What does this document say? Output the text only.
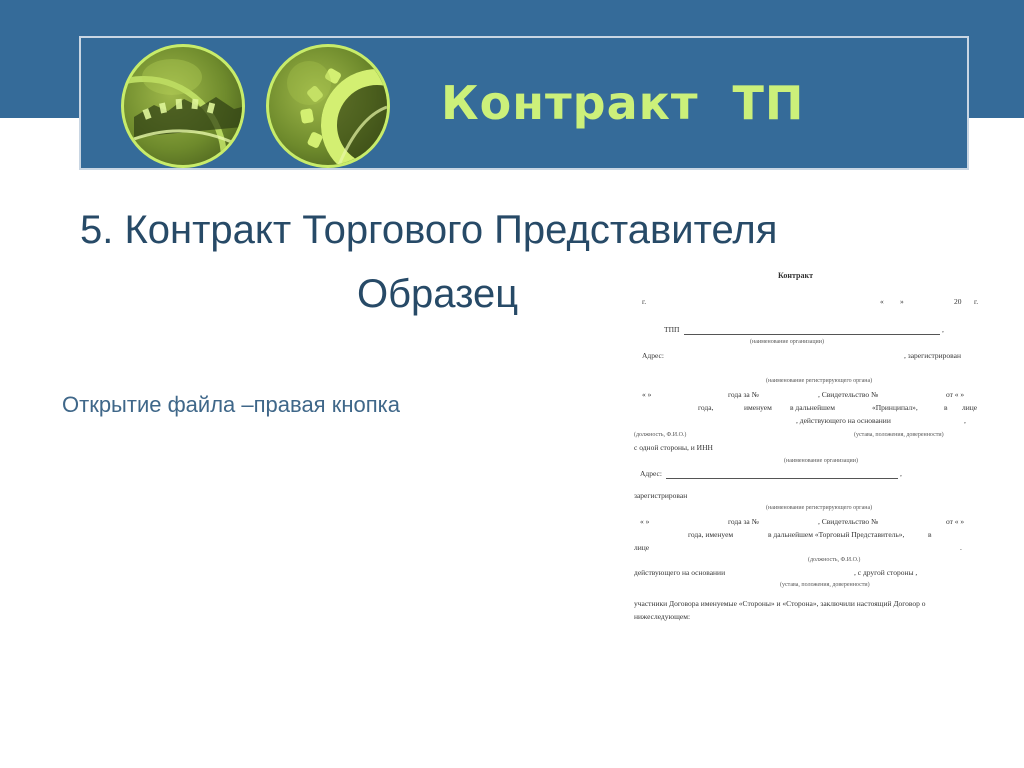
Контракт  ТП
5. Контракт Торгового Представителя
Образец
Открытие файла –правая кнопка
Контракт
г.	« »	20 г.
ТПП	,
(наименование организации)
Адрес:	, зарегистрирован
(наименование регистрирующего органа)
« »	года за №	, Свидетельство №	от « »
года,	именуем в дальнейшем	«Принципал»,	в лице
, действующего на основании	,
(должность, Ф.И.О.)	(устава, положения, доверенности)
с одной стороны, и ИНН
(наименование организации)
Адрес:	,
зарегистрирован
(наименование регистрирующего органа)
« »	года за №	, Свидетельство №	от « »
года, именуем	в дальнейшем «Торговый Представитель»,	в
лице	.
(должность, Ф.И.О.)
действующего на основании	, с другой стороны ,
(устава, положения, доверенности)
участники Договора именуемые «Стороны» и «Сторона», заключили настоящий Договор о
нижеследующем:
